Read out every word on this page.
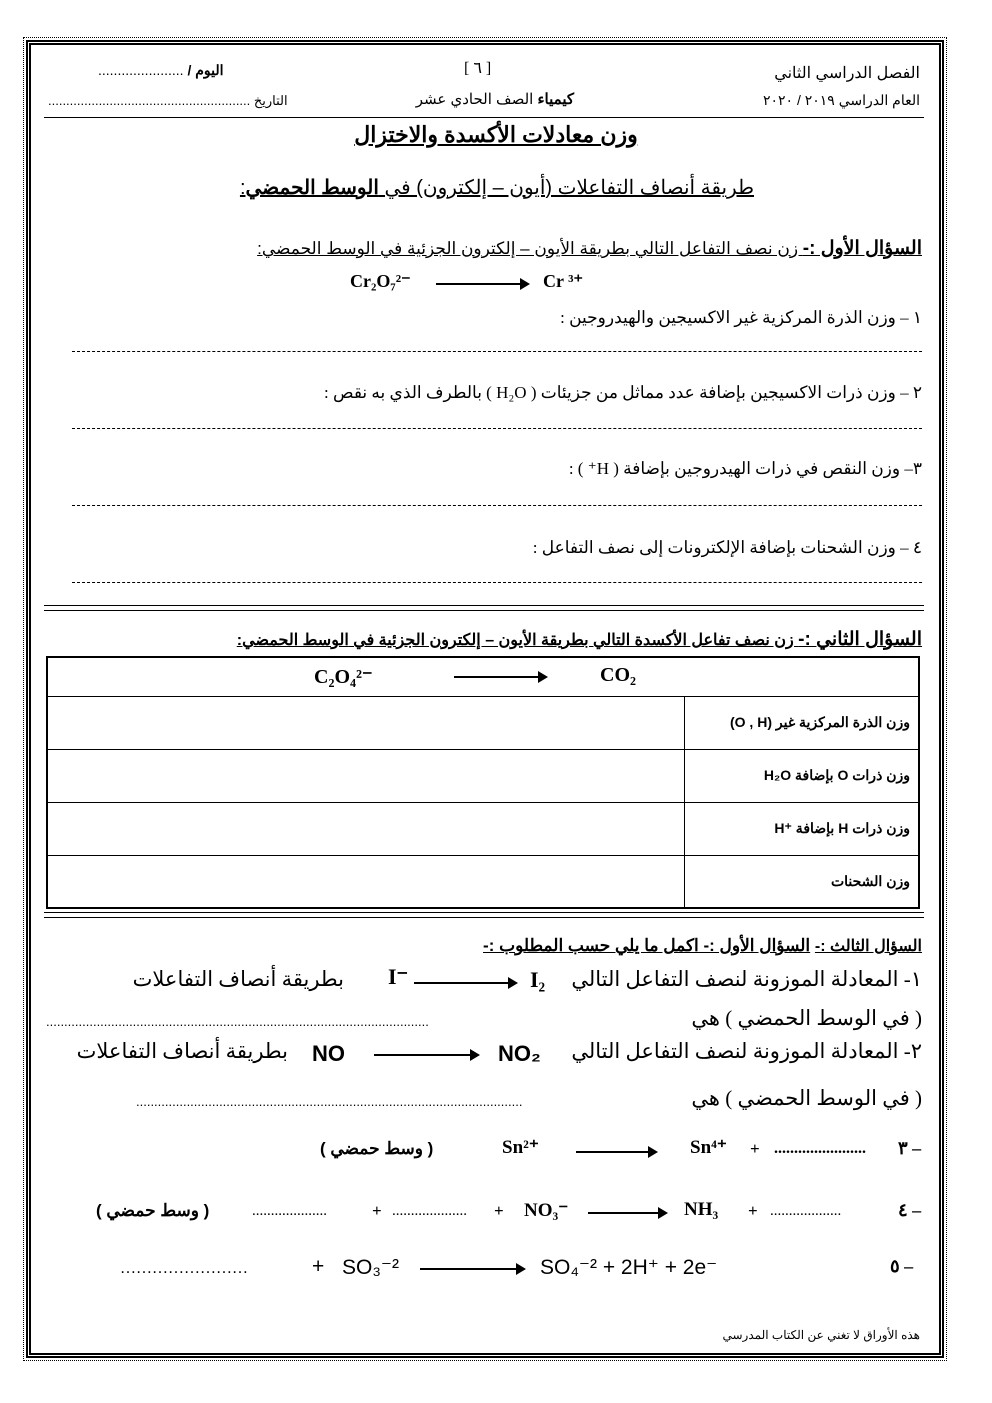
الفصل الدراسي الثاني
العام الدراسي ٢٠١٩ / ٢٠٢٠
[ ٦ ]
كيمياء الصف الحادي عشر
اليوم / ......................
التاريخ ........................................................
وزن معادلات الأكسدة والاختزال
طريقة أنصاف التفاعلات (أيون – إلكترون) في الوسط الحمضي:
السؤال الأول :- زن نصف التفاعل التالي بطريقة الأيون – إلكترون الجزئية في الوسط الحمضي:
Cr₂O₇²⁻	Cr ³⁺
١ – وزن الذرة المركزية غير الاكسيجين والهيدروجين :
٢ – وزن ذرات الاكسيجين بإضافة عدد مماثل من جزيئات ( H₂O ) بالطرف الذي به نقص :
٣– وزن النقص في ذرات الهيدروجين بإضافة ( H⁺ ) :
٤ – وزن الشحنات بإضافة الإلكترونات إلى نصف التفاعل :
السؤال الثاني :- زن نصف تفاعل الأكسدة التالي بطريقة الأيون – إلكترون الجزئية في الوسط الحمضي:
C₂O₄²⁻ CO₂	

	وزن الذرة المركزية غير (O , H)
	وزن ذرات O بإضافة H₂O
	وزن ذرات H بإضافة ⁺H
	وزن الشحنات
السؤال الثالث :- السؤال الأول :- اكمل ما يلي حسب المطلوب :-
١- المعادلة الموزونة لنصف التفاعل التالي
I₂
I⁻
بطريقة أنصاف التفاعلات
( في الوسط الحمضي ) هي
..........................................................................................................
٢- المعادلة الموزونة لنصف التفاعل التالي
NO₂
NO
بطريقة أنصاف التفاعلات
( في الوسط الحمضي ) هي
...........................................................................................................
٣ –
.......................
+
Sn⁴⁺
Sn²⁺
( وسط حمضي )
٤ –
...................
+
NH₃
NO₃⁻
+
....................
+
....................
( وسط حمضي )
٥ –
SO₄⁻² + 2H⁺ + 2e⁻
SO₃⁻²
+
……………………
هذه الأوراق لا تغني عن الكتاب المدرسي
